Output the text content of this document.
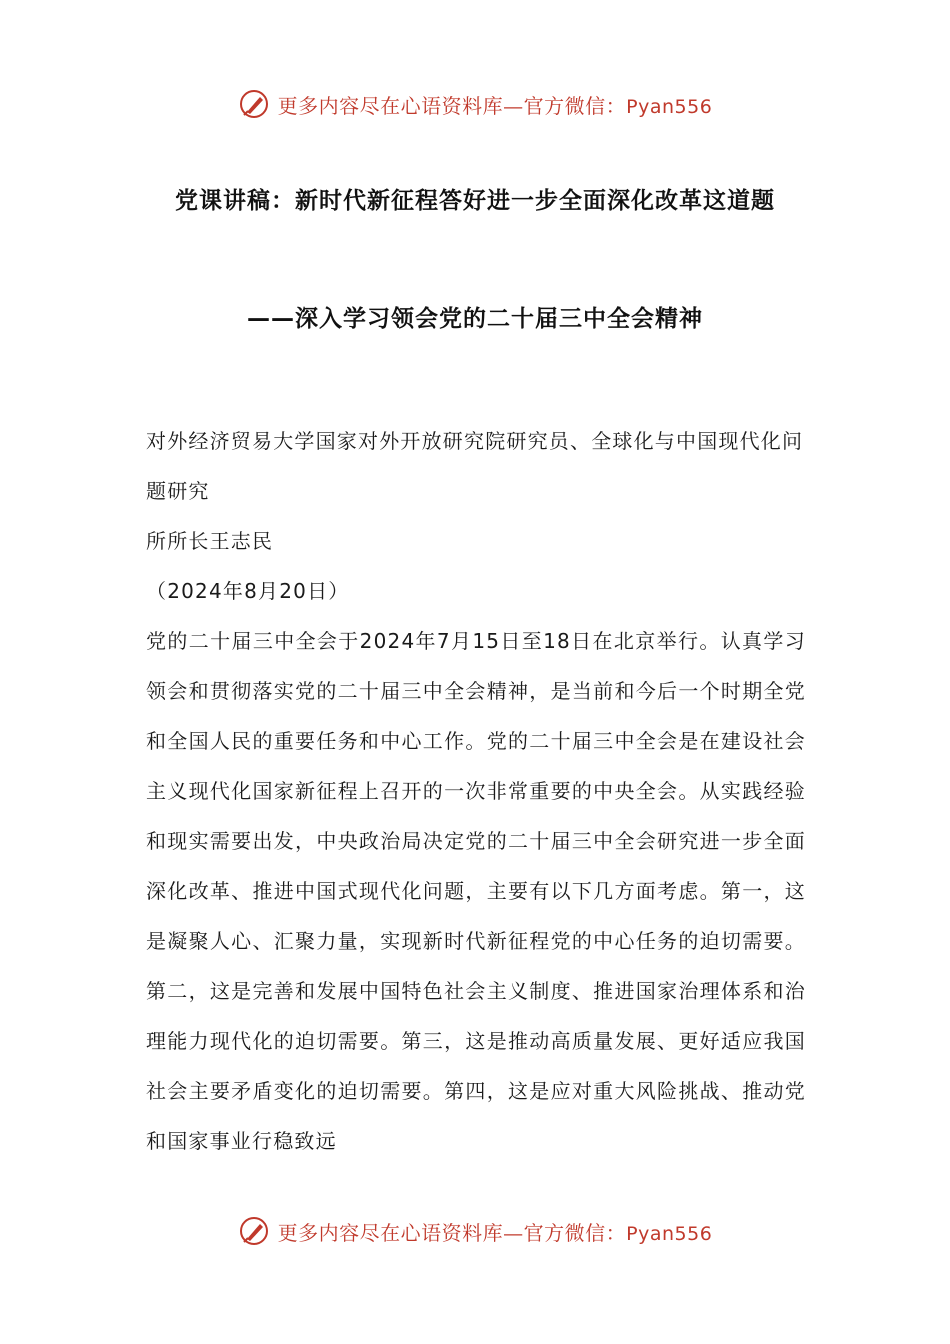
更多内容尽在心语资料库—官方微信：Pyan556
党课讲稿：新时代新征程答好进一步全面深化改革这道题
——深入学习领会党的二十届三中全会精神

对外经济贸易大学国家对外开放研究院研究员、全球化与中国现代化问题研究

所所长王志民

（2024年8月20日）

党的二十届三中全会于2024年7月15日至18日在北京举行。认真学习领会和贯彻落实党的二十届三中全会精神，是当前和今后一个时期全党和全国人民的重要任务和中心工作。党的二十届三中全会是在建设社会主义现代化国家新征程上召开的一次非常重要的中央全会。从实践经验和现实需要出发，中央政治局决定党的二十届三中全会研究进一步全面深化改革、推进中国式现代化问题，主要有以下几方面考虑。第一，这是凝聚人心、汇聚力量，实现新时代新征程党的中心任务的迫切需要。第二，这是完善和发展中国特色社会主义制度、推进国家治理体系和治理能力现代化的迫切需要。第三，这是推动高质量发展、更好适应我国社会主要矛盾变化的迫切需要。第四，这是应对重大风险挑战、推动党和国家事业行稳致远

更多内容尽在心语资料库—官方微信：Pyan556
